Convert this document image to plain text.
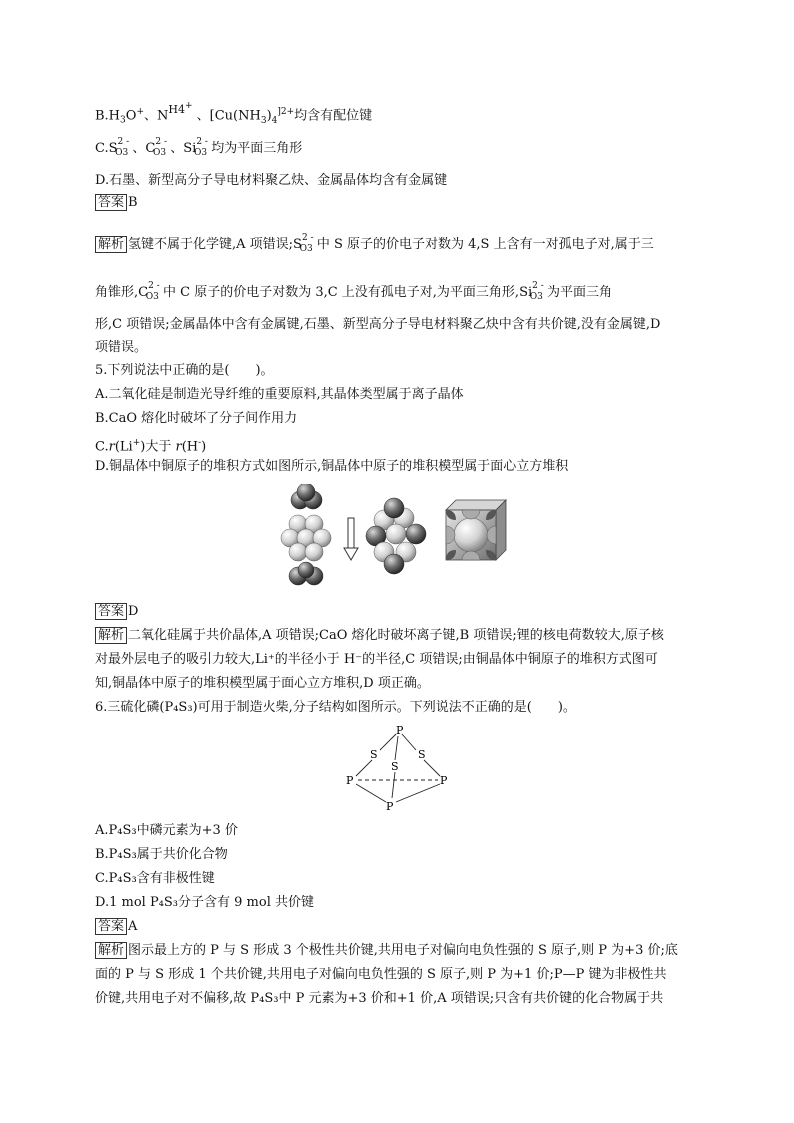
$B.H^3O^+$、$N^{H4+}$ 、[$Cu(NH_3)_4^{]2+}$均含有配位键
$C.S^{2 -}_{O3}$ 、$C^{2 -}_{O3}$ 、$Si^{2 -}_{O3}$ 均为平面三角形
D.石墨、新型高分子导电材料聚乙炔、金属晶体均含有金属键
答案 B
解析 氢键不属于化学键,A 项错误$;S^{2 -}_{O3}$ 中 S 原子的价电子对数为 4,S 上含有一对孤电子对,属于三
角锥形$,C^{2 -}_{O3}$ 中 C 原子的价电子对数为 3,C 上没有孤电子对,为平面三角形$,Si^{2 -}_{O3}$ 为平面三角
形,C 项错误;金属晶体中含有金属键,石墨、新型高分子导电材料聚乙炔中含有共价键,没有金属键,D
项错误。
5.下列说法中正确的是(　　)。
A.二氧化硅是制造光导纤维的重要原料,其晶体类型属于离子晶体
B.CaO 熔化时破坏了分子间作用力
C.r(Li+)大于 r(H-)
D.铜晶体中铜原子的堆积方式如图所示,铜晶体中原子的堆积模型属于面心立方堆积
答案 D
解析 二氧化硅属于共价晶体,A 项错误;CaO 熔化时破坏离子键,B 项错误;锂的核电荷数较大,原子核
对最外层电子的吸引力较大,Li⁺的半径小于 H⁻的半径,C 项错误;由铜晶体中铜原子的堆积方式图可
知,铜晶体中原子的堆积模型属于面心立方堆积,D 项正确。
6.三硫化磷(P₄S₃)可用于制造火柴,分子结构如图所示。下列说法不正确的是(　　)。
P
S	S
S
P	P
P
A.P₄S₃中磷元素为+3 价
B.P₄S₃属于共价化合物
C.P₄S₃含有非极性键
D.1 mol P₄S₃分子含有 9 mol 共价键
答案 A
解析 图示最上方的 P 与 S 形成 3 个极性共价键,共用电子对偏向电负性强的 S 原子,则 P 为+3 价;底
面的 P 与 S 形成 1 个共价键,共用电子对偏向电负性强的 S 原子,则 P 为+1 价;P—P 键为非极性共
价键,共用电子对不偏移,故 P₄S₃中 P 元素为+3 价和+1 价,A 项错误;只含有共价键的化合物属于共
